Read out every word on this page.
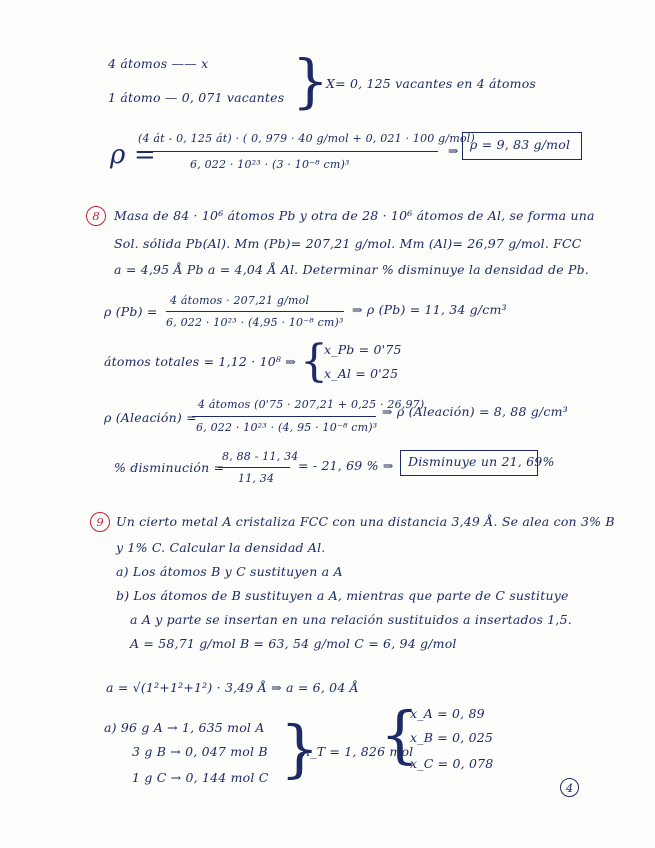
4 átomos —— x
1 átomo — 0, 071 vacantes }
X= 0, 125 vacantes en 4 átomos
ρ =
(4 át - 0, 125 át) · ( 0, 979 · 40 g/mol + 0, 021 · 100 g/mol)
6, 022 · 10²³ · (3 · 10⁻⁸ cm)³
⇒ ρ = 9, 83 g/mol
8	Masa de 84 · 10⁶ átomos Pb y otra de 28 · 10⁶ átomos de Al, se forma una
Sol. sólida Pb(Al). Mm (Pb)= 207,21 g/mol. Mm (Al)= 26,97 g/mol. FCC
a = 4,95 Å Pb a = 4,04 Å Al. Determinar % disminuye la densidad de Pb.
ρ (Pb) =
4 átomos · 207,21 g/mol
6, 022 · 10²³ · (4,95 · 10⁻⁸ cm)³
⇒ ρ (Pb) = 11, 34 g/cm³
átomos totales = 1,12 · 10⁸ ⇒ {
x_Pb = 0'75
x_Al = 0'25
ρ (Aleación) =
4 átomos (0'75 · 207,21 + 0,25 · 26,97)
6, 022 · 10²³ · (4, 95 · 10⁻⁸ cm)³
⇒ ρ (Aleación) = 8, 88 g/cm³
% disminución =
8, 88 - 11, 34
11, 34
= - 21, 69 % ⇒ Disminuye un 21, 69%
9 Un cierto metal A cristaliza FCC con una distancia 3,49 Å. Se alea con 3% B
y 1% C. Calcular la densidad Al.
a) Los átomos B y C sustituyen a A
b) Los átomos de B sustituyen a A, mientras que parte de C sustituye
a A y parte se insertan en una relación sustituidos a insertados 1,5.
A = 58,71 g/mol B = 63, 54 g/mol C = 6, 94 g/mol
a = √(1²+1²+1²) · 3,49 Å ⇒ a = 6, 04 Å
a) 96 g A → 1, 635 mol A
3 g B → 0, 047 mol B
1 g C → 0, 144 mol C }
n_T = 1, 826 mol
{
x_A = 0, 89
x_B = 0, 025
x_C = 0, 078
4
